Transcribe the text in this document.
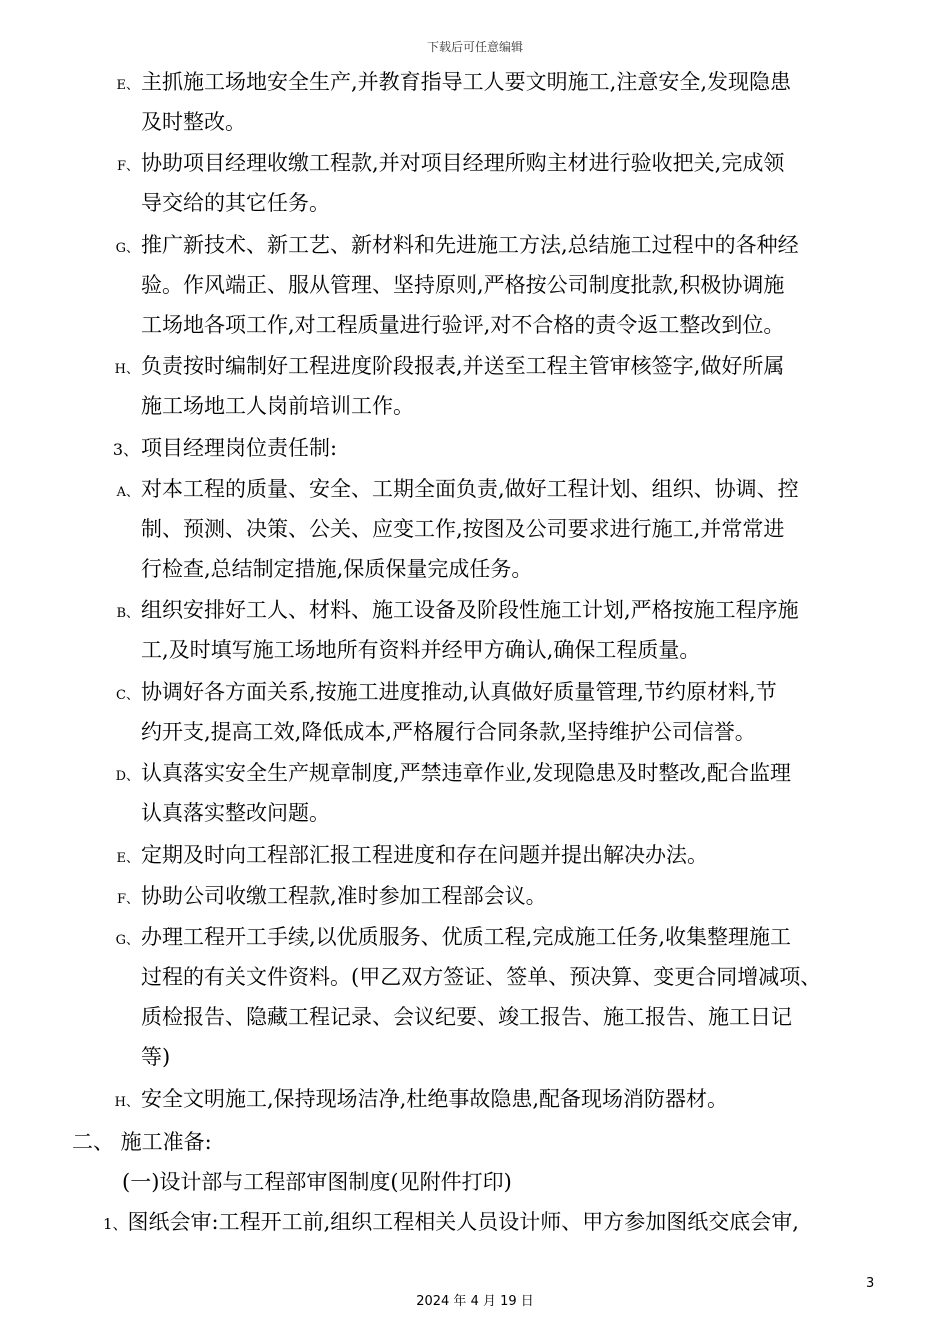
下载后可任意编辑
E、 主抓施工场地安全生产,并教育指导工人要文明施工,注意安全,发现隐患
及时整改。
F、 协助项目经理收缴工程款,并对项目经理所购主材进行验收把关,完成领
导交给的其它任务。
G、 推广新技术、新工艺、新材料和先进施工方法,总结施工过程中的各种经
验。作风端正、服从管理、坚持原则,严格按公司制度批款,积极协调施
工场地各项工作,对工程质量进行验评,对不合格的责令返工整改到位。
H、 负责按时编制好工程进度阶段报表,并送至工程主管审核签字,做好所属
施工场地工人岗前培训工作。
3、 项目经理岗位责任制:
A、 对本工程的质量、安全、工期全面负责,做好工程计划、组织、协调、控
制、预测、决策、公关、应变工作,按图及公司要求进行施工,并常常进
行检查,总结制定措施,保质保量完成任务。
B、 组织安排好工人、材料、施工设备及阶段性施工计划,严格按施工程序施
工,及时填写施工场地所有资料并经甲方确认,确保工程质量。
C、 协调好各方面关系,按施工进度推动,认真做好质量管理,节约原材料,节
约开支,提高工效,降低成本,严格履行合同条款,坚持维护公司信誉。
D、 认真落实安全生产规章制度,严禁违章作业,发现隐患及时整改,配合监理
认真落实整改问题。
E、 定期及时向工程部汇报工程进度和存在问题并提出解决办法。
F、 协助公司收缴工程款,准时参加工程部会议。
G、 办理工程开工手续,以优质服务、优质工程,完成施工任务,收集整理施工
过程的有关文件资料。(甲乙双方签证、签单、预决算、变更合同增减项、
质检报告、隐藏工程记录、会议纪要、竣工报告、施工报告、施工日记
等)
H、 安全文明施工,保持现场洁净,杜绝事故隐患,配备现场消防器材。
二、 施工准备:
(一)设计部与工程部审图制度(见附件打印)
1、图纸会审:工程开工前,组织工程相关人员设计师、甲方参加图纸交底会审,
3
2024 年 4 月 19 日
